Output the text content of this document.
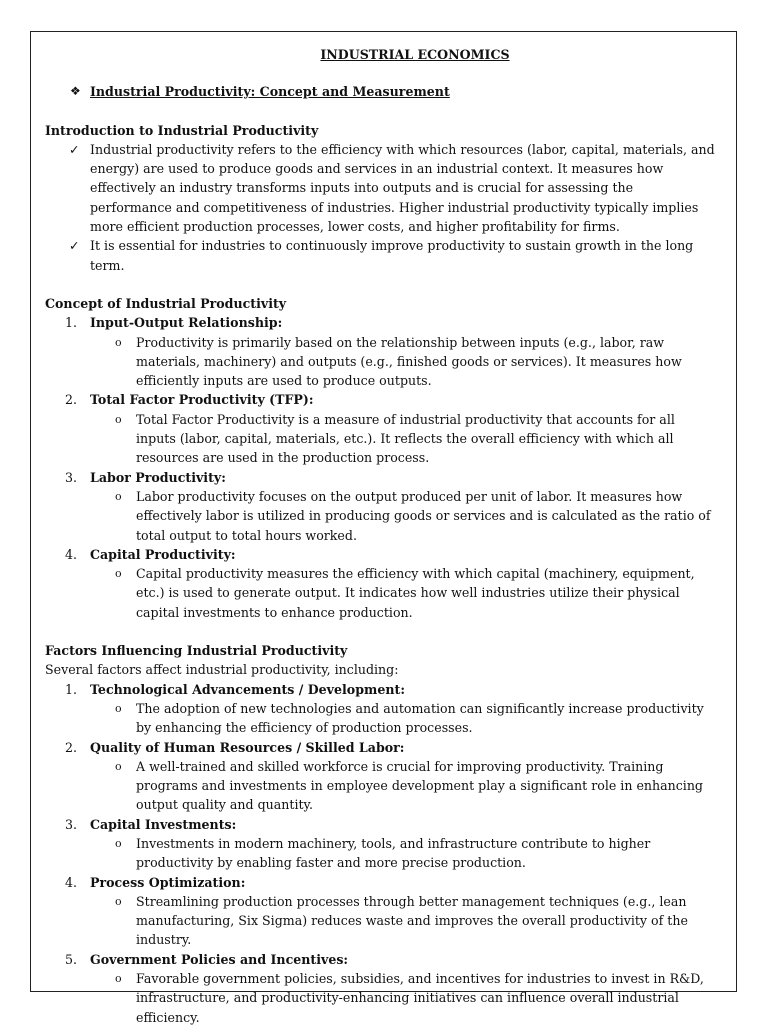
INDUSTRIAL ECONOMICS

❖ Industrial Productivity: Concept and Measurement

Introduction to Industrial Productivity

✓ Industrial productivity refers to the efficiency with which resources (labor, capital, materials, and energy) are used to produce goods and services in an industrial context. It measures how effectively an industry transforms inputs into outputs and is crucial for assessing the performance and competitiveness of industries. Higher industrial productivity typically implies more efficient production processes, lower costs, and higher profitability for firms.
✓ It is essential for industries to continuously improve productivity to sustain growth in the long term.

Concept of Industrial Productivity

1.	Input-Output Relationship:
o	Productivity is primarily based on the relationship between inputs (e.g., labor, raw materials, machinery) and outputs (e.g., finished goods or services). It measures how efficiently inputs are used to produce outputs.
2.	Total Factor Productivity (TFP):
o	Total Factor Productivity is a measure of industrial productivity that accounts for all inputs (labor, capital, materials, etc.). It reflects the overall efficiency with which all resources are used in the production process.
3.	Labor Productivity:
o	Labor productivity focuses on the output produced per unit of labor. It measures how effectively labor is utilized in producing goods or services and is calculated as the ratio of total output to total hours worked.
4.	Capital Productivity:
o	Capital productivity measures the efficiency with which capital (machinery, equipment, etc.) is used to generate output. It indicates how well industries utilize their physical capital investments to enhance production.

Factors Influencing Industrial Productivity

Several factors affect industrial productivity, including:

1.	Technological Advancements / Development:
o	The adoption of new technologies and automation can significantly increase productivity by enhancing the efficiency of production processes.
2.	Quality of Human Resources / Skilled Labor:
o	A well-trained and skilled workforce is crucial for improving productivity. Training programs and investments in employee development play a significant role in enhancing output quality and quantity.
3.	Capital Investments:
o	Investments in modern machinery, tools, and infrastructure contribute to higher productivity by enabling faster and more precise production.
4.	Process Optimization:
o	Streamlining production processes through better management techniques (e.g., lean manufacturing, Six Sigma) reduces waste and improves the overall productivity of the industry.
5.	Government Policies and Incentives:
o	Favorable government policies, subsidies, and incentives for industries to invest in R&D, infrastructure, and productivity-enhancing initiatives can influence overall industrial efficiency.
